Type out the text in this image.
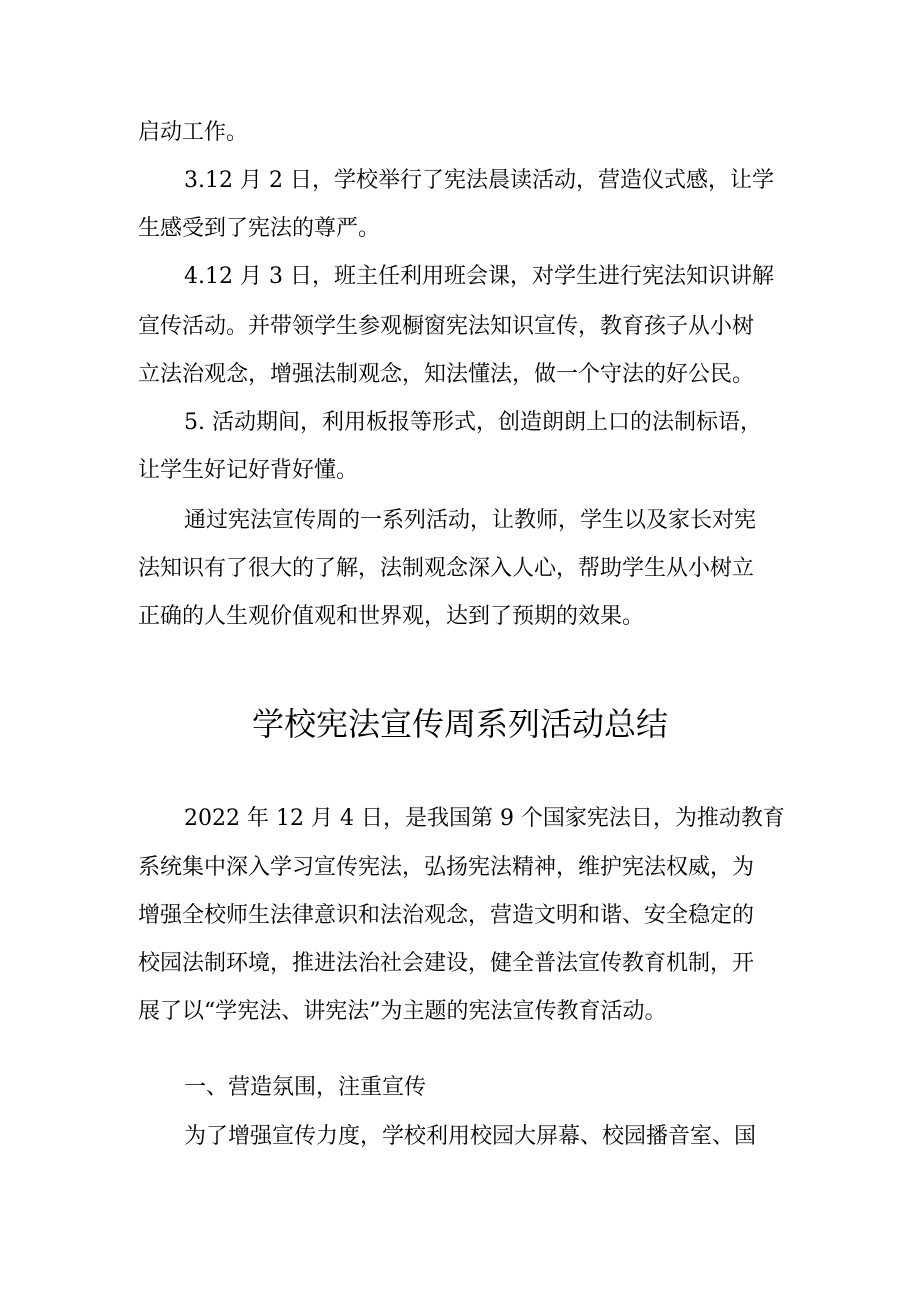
启动工作。
3.12 月 2 日，学校举行了宪法晨读活动，营造仪式感，让学
生感受到了宪法的尊严。
4.12 月 3 日，班主任利用班会课，对学生进行宪法知识讲解
宣传活动。并带领学生参观橱窗宪法知识宣传，教育孩子从小树
立法治观念，增强法制观念，知法懂法，做一个守法的好公民。
5. 活动期间，利用板报等形式，创造朗朗上口的法制标语，
让学生好记好背好懂。
通过宪法宣传周的一系列活动，让教师，学生以及家长对宪
法知识有了很大的了解，法制观念深入人心，帮助学生从小树立
正确的人生观价值观和世界观，达到了预期的效果。
学校宪法宣传周系列活动总结
2022 年 12 月 4 日，是我国第 9 个国家宪法日，为推动教育
系统集中深入学习宣传宪法，弘扬宪法精神，维护宪法权威，为
增强全校师生法律意识和法治观念，营造文明和谐、安全稳定的
校园法制环境，推进法治社会建设，健全普法宣传教育机制，开
展了以“学宪法、讲宪法”为主题的宪法宣传教育活动。
一、营造氛围，注重宣传
为了增强宣传力度，学校利用校园大屏幕、校园播音室、国
